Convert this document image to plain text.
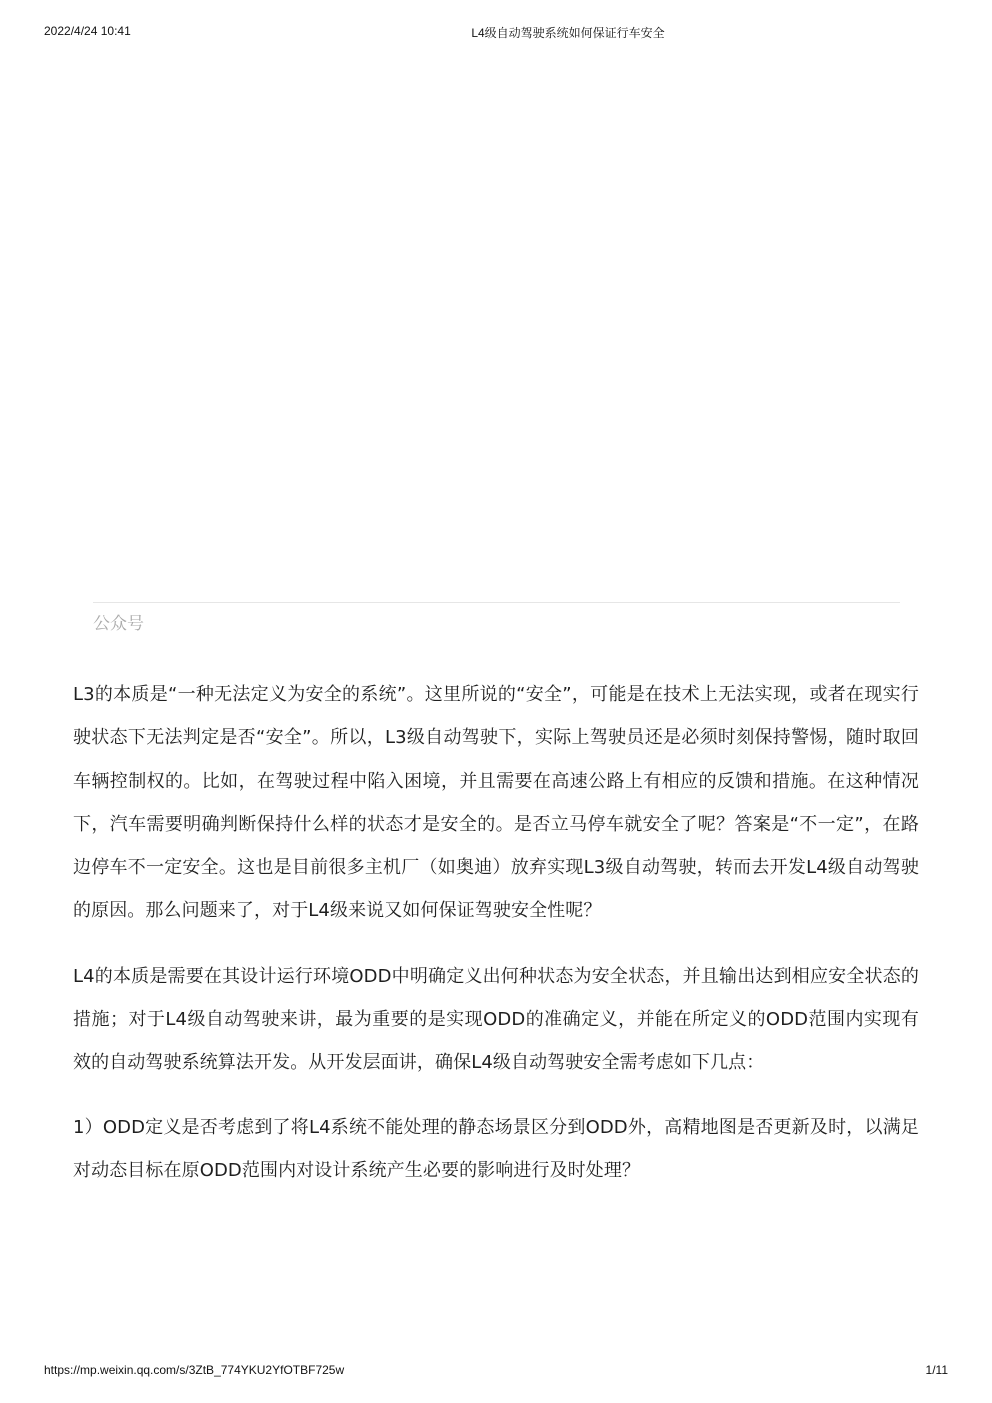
2022/4/24 10:41	L4级自动驾驶系统如何保证行车安全
公众号

L3的本质是“一种无法定义为安全的系统”。这里所说的“安全”，可能是在技术上无法实现，或者在现实行驶状态下无法判定是否“安全”。所以，L3级自动驾驶下，实际上驾驶员还是必须时刻保持警惕，随时取回车辆控制权的。比如，在驾驶过程中陷入困境，并且需要在高速公路上有相应的反馈和措施。在这种情况下，汽车需要明确判断保持什么样的状态才是安全的。是否立马停车就安全了呢？答案是“不一定”，在路边停车不一定安全。这也是目前很多主机厂（如奥迪）放弃实现L3级自动驾驶，转而去开发L4级自动驾驶的原因。那么问题来了，对于L4级来说又如何保证驾驶安全性呢？

L4的本质是需要在其设计运行环境ODD中明确定义出何种状态为安全状态，并且输出达到相应安全状态的措施；对于L4级自动驾驶来讲，最为重要的是实现ODD的准确定义，并能在所定义的ODD范围内实现有效的自动驾驶系统算法开发。从开发层面讲，确保L4级自动驾驶安全需考虑如下几点：

1）ODD定义是否考虑到了将L4系统不能处理的静态场景区分到ODD外，高精地图是否更新及时，以满足对动态目标在原ODD范围内对设计系统产生必要的影响进行及时处理？

https://mp.weixin.qq.com/s/3ZtB_774YKU2YfOTBF725w	1/11
